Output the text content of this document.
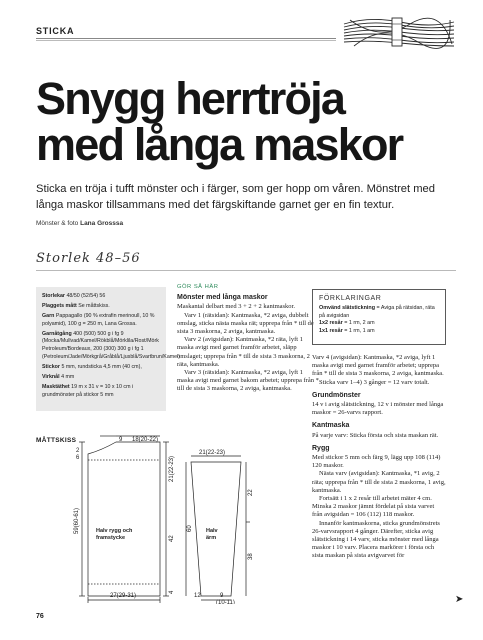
STICKA
Snygg herrtröja
med långa maskor

Sticka en tröja i tufft mönster och i färger, som ger hopp om våren. Mönstret med långa maskor tillsammans med det färgskiftande garnet ger en fin textur.

Mönster & foto Lana Grosssa
Storlek 48–56

Storlekar 48/50 (52/54) 56

Plaggets mått Se måttskiss.

Garn Pappagallo (90 % extrafin merinoull, 10 % polyamid), 100 g = 250 m, Lana Grossa.

Garnåtgång 400 (500) 500 g i fg 9 (Mocka/Mullvad/Kamel/Rökblå/Mörklila/Rost/Mörk Petroleum/Bordeaux, 200 (300) 300 g i fg 1 (Petroleum/Jade/Mörkgrå/Gråblå/Ljusblå/Svartbrun/Kamel)

Stickor 5 mm, rundsticka 4,5 mm (40 cm),

Virknål 4 mm

Masktäthet 19 m x 31 v = 10 x 10 cm i grundmönster på stickor 5 mm

GÖR SÅ HÄR
Mönster med långa maskor

Maskantal delbart med 3 + 2 + 2 kantmaskor.

Varv 1 (rätsidan): Kantmaska, *2 aviga, dubbelt omslag, sticka nästa maska rät; upprepa från * till de sista 3 maskorna, 2 aviga, kantmaska.

Varv 2 (avigsidan): Kantmaska, *2 räta, lyft 1 maska avigt med garnet framför arbetet, släpp omslaget; upprepa från * till de sista 3 maskorna, 2 räta, kantmaska.

Varv 3 (rätsidan): Kantmaska, *2 aviga, lyft 1 maska avigt med garnet bakom arbetet; upprepa från * till de sista 3 maskorna, 2 aviga, kantmaska.

FÖRKLARINGAR
Omvänd slätstickning = Aviga på rätsidan, räta på avigsidan
1x2 resår = 1 rm, 2 am
1x1 resår = 1 rm, 1 am

Varv 4 (avigsidan): Kantmaska, *2 aviga, lyft 1 maska avigt med garnet framför arbetet; upprepa från * till de sista 3 maskorna, 2 aviga, kantmaska.

Sticka varv 1–4) 3 gånger = 12 varv totalt.

Grundmönster

14 v i avig slätstickning, 12 v i mönster med långa maskor = 26-varvs rapport.

Kantmaska

På varje varv: Sticka första och sista maskan rät.

Rygg

Med stickor 5 mm och färg 9, lägg upp 108 (114) 120 maskor.

Nästa varv (avigsidan): Kantmaska, *1 avig, 2 räta; upprepa från * till de sista 2 maskorna, 1 avig, kantmaska.

Fortsätt i 1 x 2 resår till arbetet mäter 4 cm. Minska 2 maskor jämnt fördelat på sista varvet från avigsidan = 106 (112) 118 maskor.

Innanför kantmaskorna, sticka grundmönstrets 26-varvsrapport 4 gånger. Därefter, sticka avig slätstickning i 14 varv, sticka mönster med långa maskor i 10 varv. Placera markörer i första och sista maskan på sista avigvarvet för

➤
MÅTTSKISS	9 18(20-22)
2
6
59(60-61)
21(22-23)
42
4
Halv rygg och
framstycke
27(29-31)
21(22-23)
22
60
38
Halv
ärm
12	9
(10-11)
76
